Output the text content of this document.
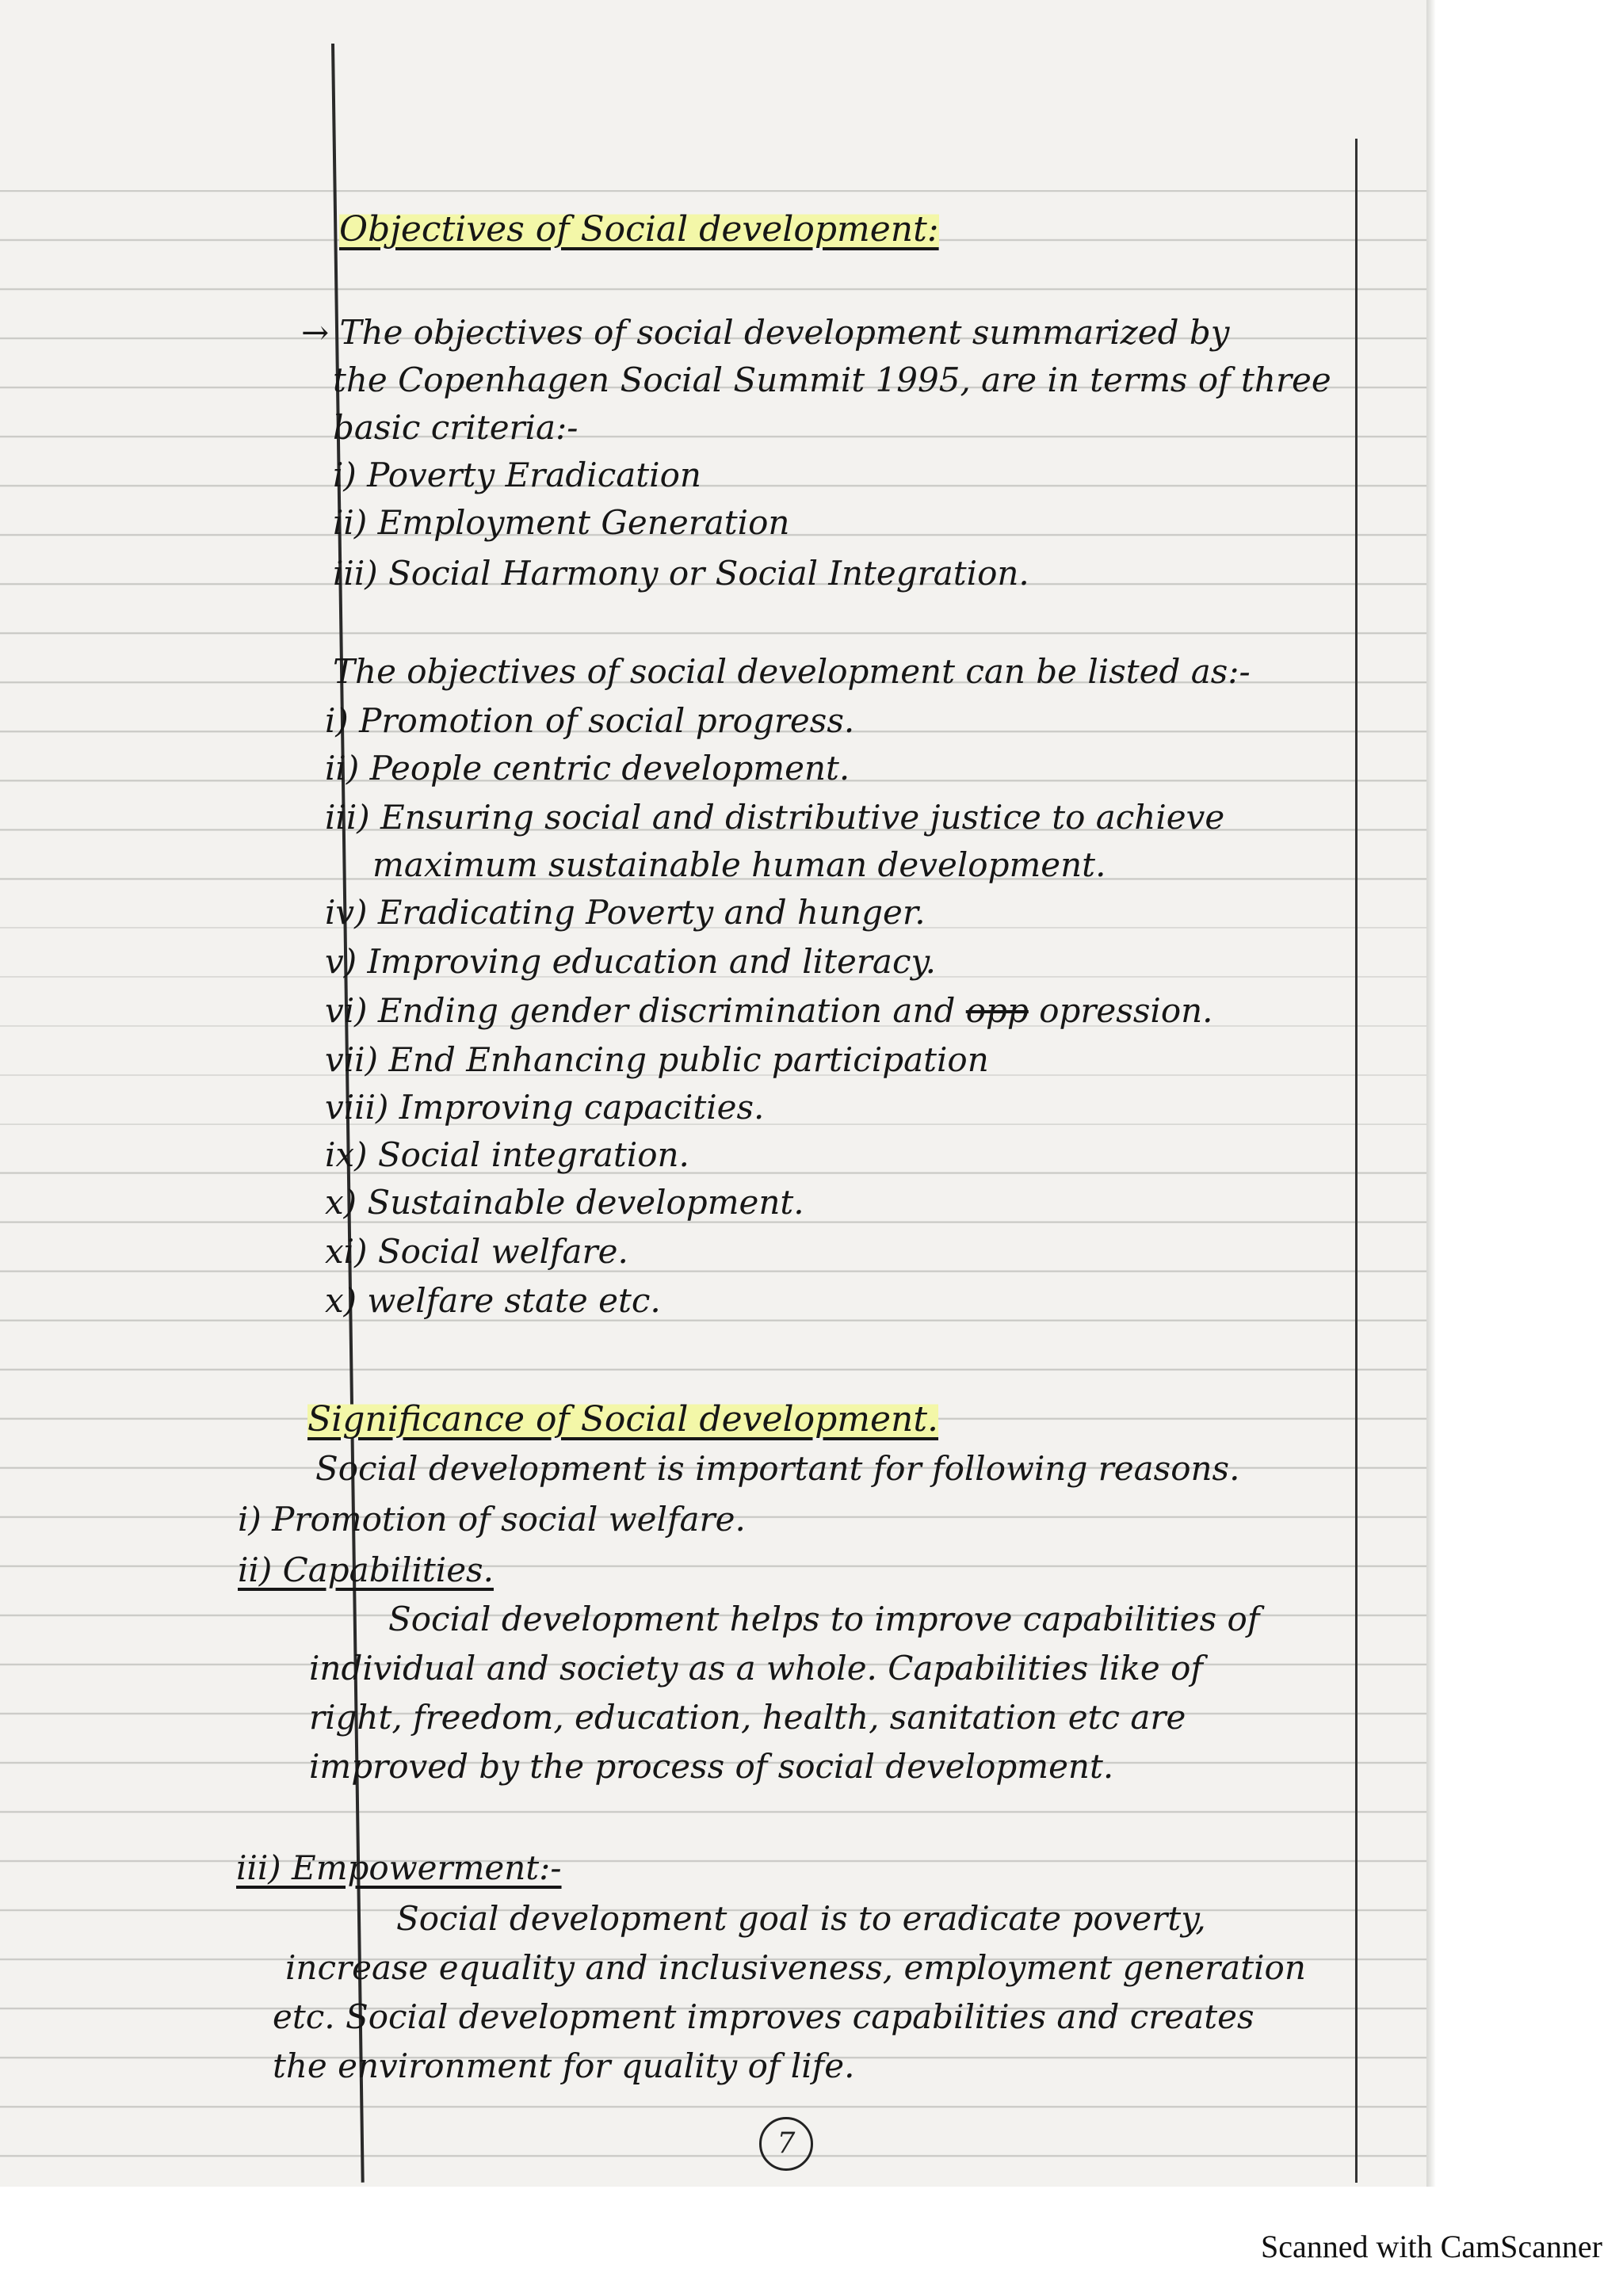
Objectives of Social development:
→ The objectives of social development summarized by
the Copenhagen Social Summit 1995, are in terms of three
basic criteria:-
i) Poverty Eradication
ii) Employment Generation
iii) Social Harmony or Social Integration.
The objectives of social development can be listed as:-
i) Promotion of social progress.
ii) People centric development.
iii) Ensuring social and distributive justice to achieve
maximum sustainable human development.
iv) Eradicating Poverty and hunger.
v) Improving education and literacy.
vi) Ending gender discrimination and opp opression.
vii) End Enhancing public participation
viii) Improving capacities.
ix) Social integration.
x) Sustainable development.
xi) Social welfare.
x) welfare state etc.
Significance of Social development.
Social development is important for following reasons.
i) Promotion of social welfare.
ii) Capabilities.
Social development helps to improve capabilities of
individual and society as a whole. Capabilities like of
right, freedom, education, health, sanitation etc are
improved by the process of social development.
iii) Empowerment:-
Social development goal is to eradicate poverty,
increase equality and inclusiveness, employment generation
etc. Social development improves capabilities and creates
the environment for quality of life.
7
Scanned with CamScanner
